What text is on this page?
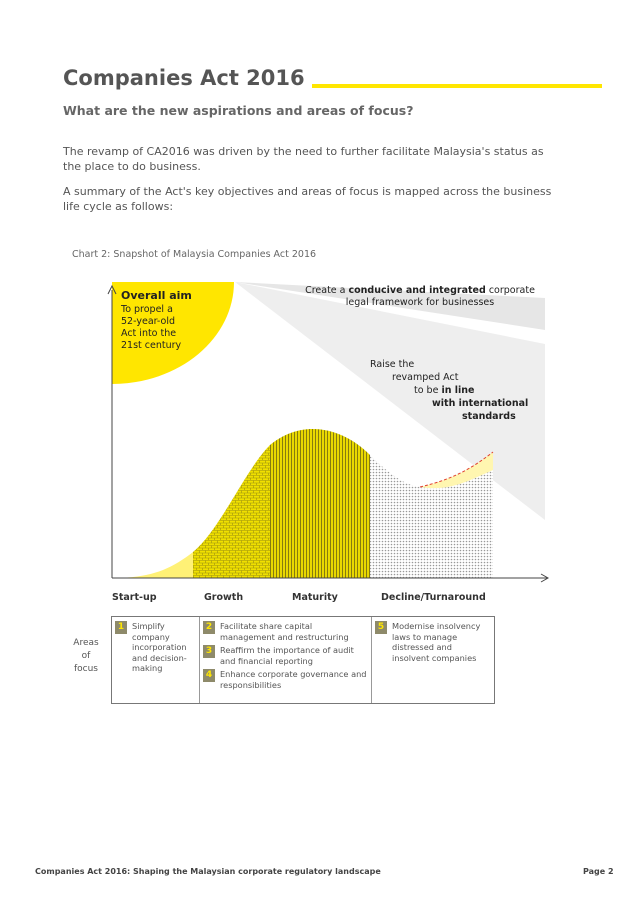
Companies Act 2016
What are the new aspirations and areas of focus?
The revamp of CA2016 was driven by the need to further facilitate Malaysia's status as the place to do business.
A summary of the Act's key objectives and areas of focus is mapped across the business life cycle as follows:
Chart 2: Snapshot of Malaysia Companies Act 2016
Overall aim
To propel a
52-year-old
Act into the
21st century
Create a conducive and integrated corporate legal framework for businesses
Raise the
revamped Act
to be in line
with international
standards
Start-up	Growth	Maturity	Decline/Turnaround
Areas
of
focus
1 Simplify company incorporation and decision-making
2 Facilitate share capital management and restructuring
3 Reaffirm the importance of audit and financial reporting
4 Enhance corporate governance and responsibilities
5 Modernise insolvency laws to manage distressed and insolvent companies
Companies Act 2016: Shaping the Malaysian corporate regulatory landscape	Page 2
